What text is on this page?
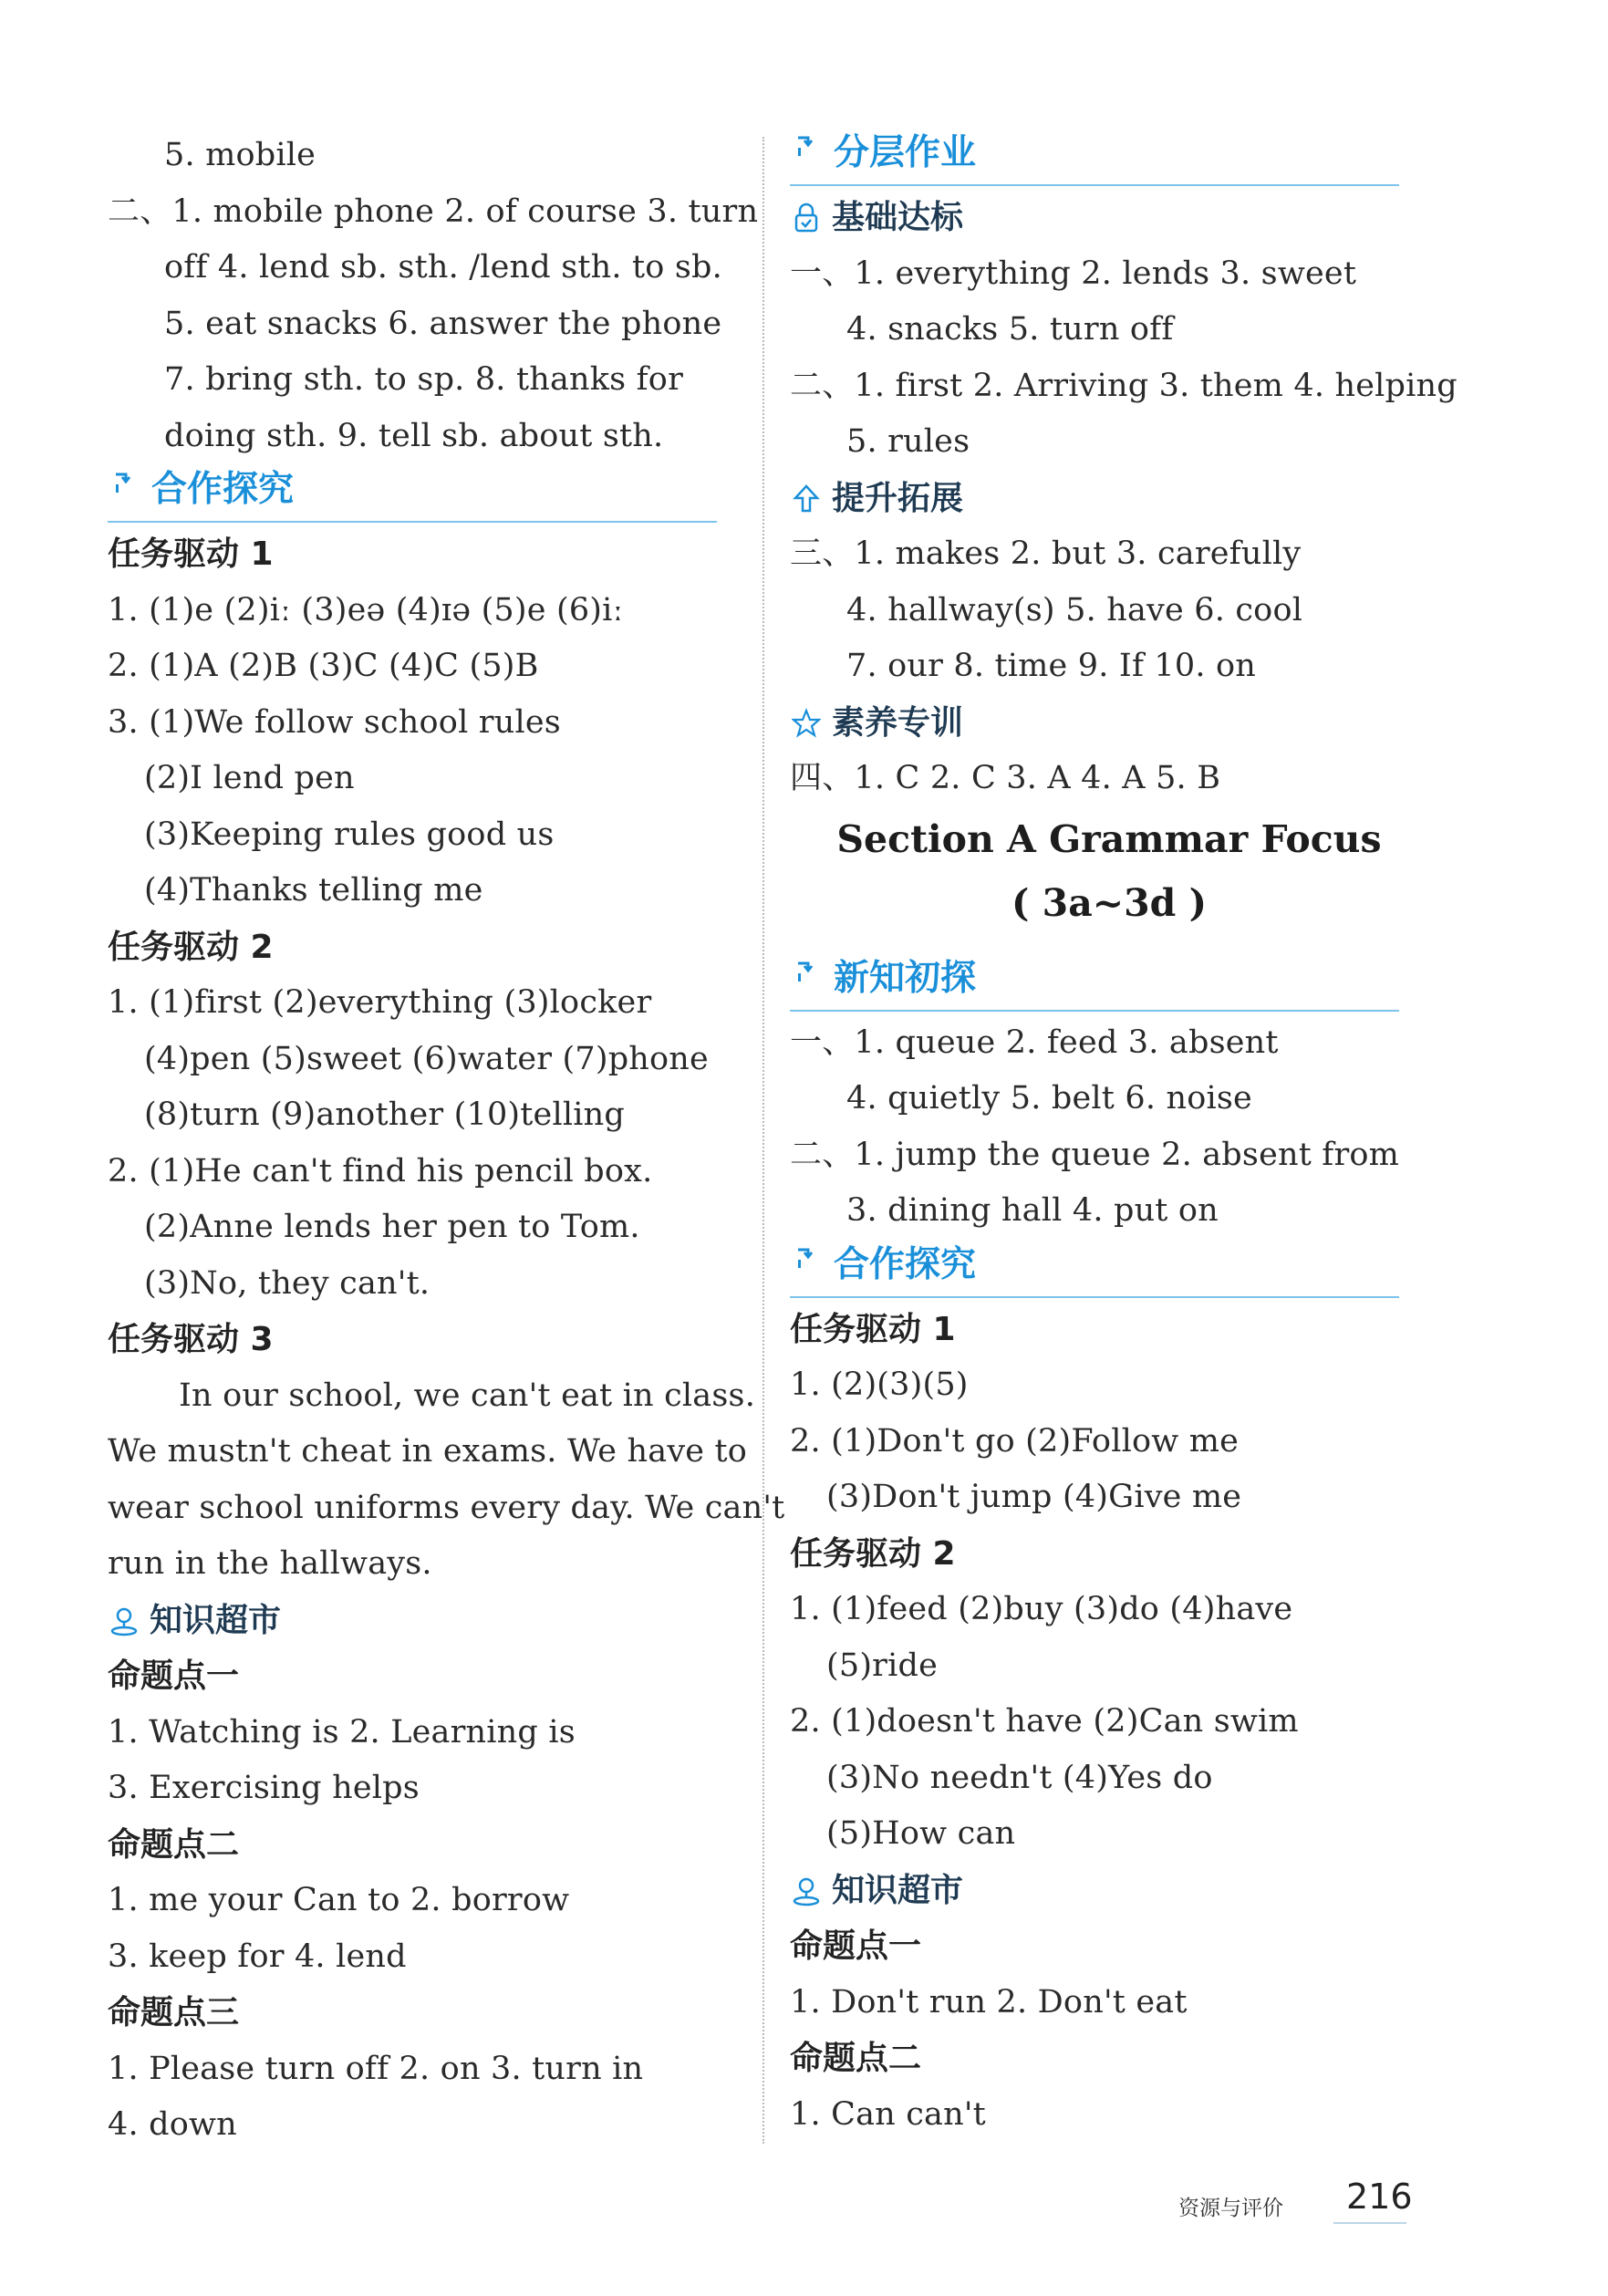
5. mobile
二、1. mobile phone 2. of course 3. turn
off 4. lend sb. sth. /lend sth. to sb.
5. eat snacks 6. answer the phone
7. bring sth. to sp. 8. thanks for
doing sth. 9. tell sb. about sth.
合作探究
任务驱动 1
1. (1)e (2)iː (3)eə (4)ɪə (5)e (6)iː
2. (1)A (2)B (3)C (4)C (5)B
3. (1)We follow school rules
(2)I lend pen
(3)Keeping rules good us
(4)Thanks telling me
任务驱动 2
1. (1)first (2)everything (3)locker
(4)pen (5)sweet (6)water (7)phone
(8)turn (9)another (10)telling
2. (1)He can't find his pencil box.
(2)Anne lends her pen to Tom.
(3)No, they can't.
任务驱动 3
In our school, we can't eat in class.
We mustn't cheat in exams. We have to
wear school uniforms every day. We can't
run in the hallways.
知识超市
命题点一
1. Watching is 2. Learning is
3. Exercising helps
命题点二
1. me your Can to 2. borrow
3. keep for 4. lend
命题点三
1. Please turn off 2. on 3. turn in
4. down
分层作业
基础达标
一、1. everything 2. lends 3. sweet
4. snacks 5. turn off
二、1. first 2. Arriving 3. them 4. helping
5. rules
提升拓展
三、1. makes 2. but 3. carefully
4. hallway(s) 5. have 6. cool
7. our 8. time 9. If 10. on
素养专训
四、1. C 2. C 3. A 4. A 5. B
Section A Grammar Focus
( 3a~3d )
新知初探
一、1. queue 2. feed 3. absent
4. quietly 5. belt 6. noise
二、1. jump the queue 2. absent from
3. dining hall 4. put on
合作探究
任务驱动 1
1. (2)(3)(5)
2. (1)Don't go (2)Follow me
(3)Don't jump (4)Give me
任务驱动 2
1. (1)feed (2)buy (3)do (4)have
(5)ride
2. (1)doesn't have (2)Can swim
(3)No needn't (4)Yes do
(5)How can
知识超市
命题点一
1. Don't run 2. Don't eat
命题点二
1. Can can't
资源与评价 216
